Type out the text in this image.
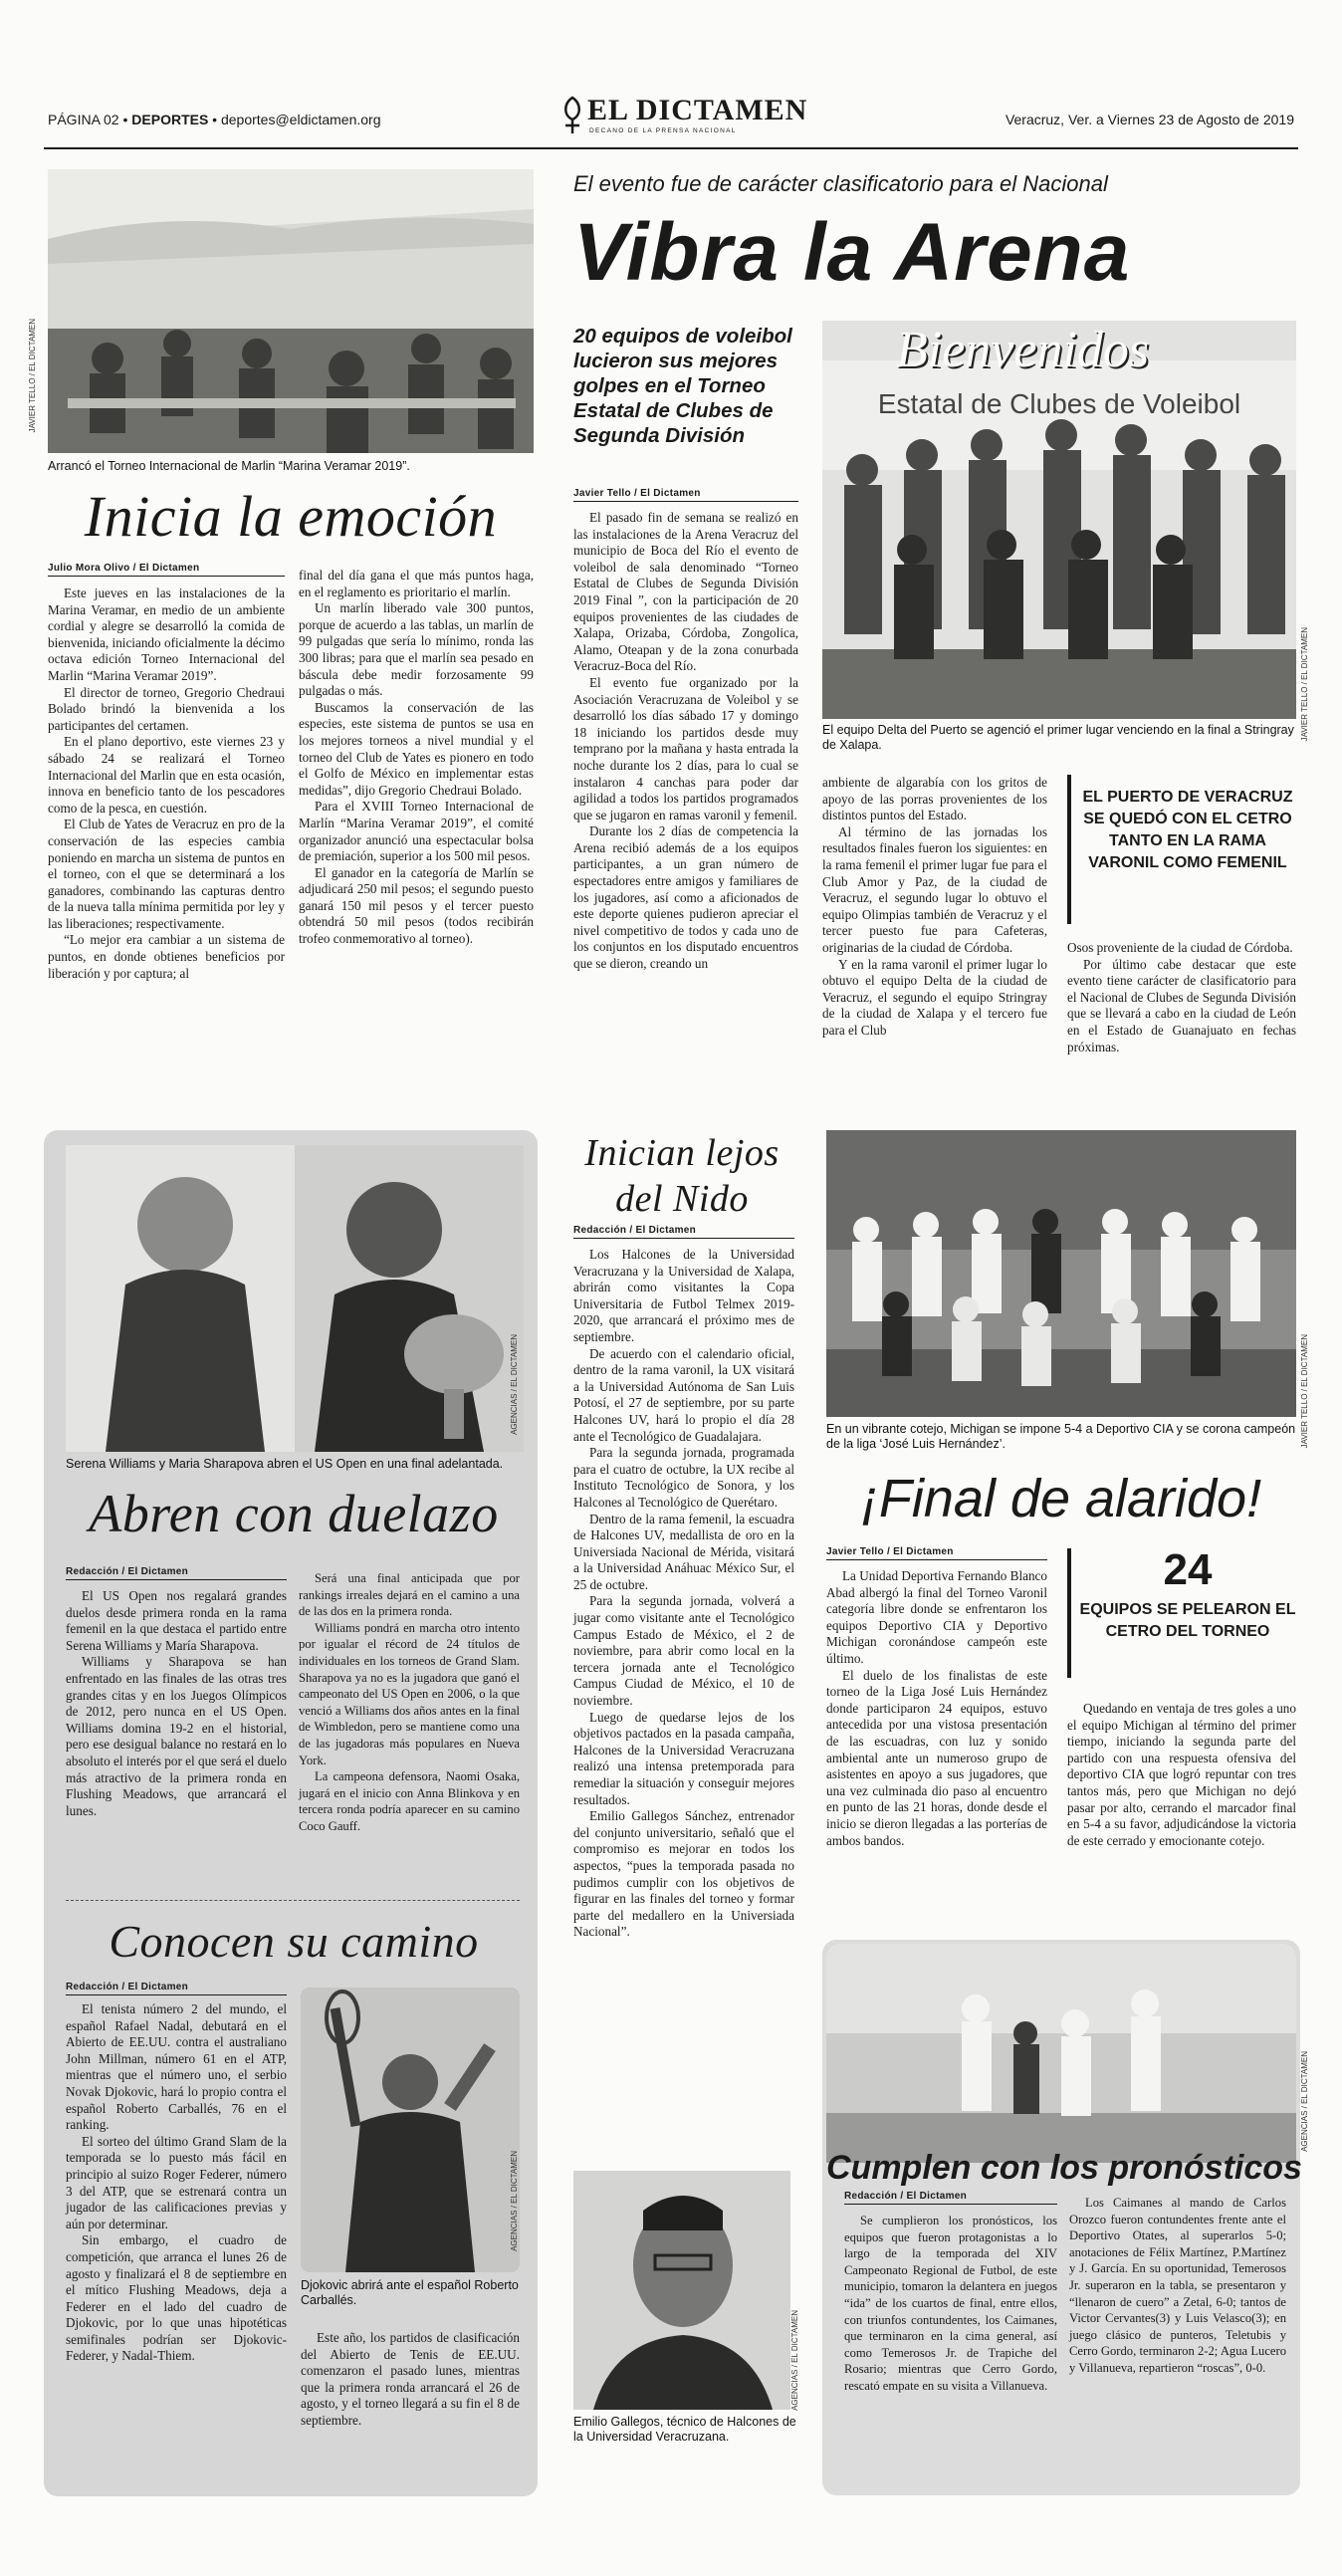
PÁGINA 02 • DEPORTES • deportes@eldictamen.org	EL DICTAMEN
DECANO DE LA PRENSA NACIONAL
Veracruz, Ver. a Viernes 23 de Agosto de 2019
JAVIER TELLO / EL DICTAMEN
Arrancó el Torneo Internacional de Marlin “Marina Veramar 2019”.
Inicia la emoción
Julio Mora Olivo / El Dictamen

Este jueves en las instalaciones de la Marina Veramar, en medio de un ambiente cordial y alegre se desarrolló la comida de bienvenida, iniciando oficialmente la décimo octava edición Torneo Internacional del Marlin “Marina Veramar 2019”.

El director de torneo, Gregorio Chedraui Bolado brindó la bienvenida a los participantes del certamen.

En el plano deportivo, este viernes 23 y sábado 24 se realizará el Torneo Internacional del Marlin que en esta ocasión, innova en beneficio tanto de los pescadores como de la pesca, en cuestión.

El Club de Yates de Veracruz en pro de la conservación de las especies cambia poniendo en marcha un sistema de puntos en el torneo, con el que se determinará a los ganadores, combinando las capturas dentro de la nueva talla mínima permitida por ley y las liberaciones; respectivamente.

“Lo mejor era cambiar a un sistema de puntos, en donde obtienes beneficios por liberación y por captura; al

final del día gana el que más puntos haga, en el reglamento es prioritario el marlín.

Un marlín liberado vale 300 puntos, porque de acuerdo a las tablas, un marlín de 99 pulgadas que sería lo mínimo, ronda las 300 libras; para que el marlín sea pesado en báscula debe medir forzosamente 99 pulgadas o más.

Buscamos la conservación de las especies, este sistema de puntos se usa en los mejores torneos a nivel mundial y el torneo del Club de Yates es pionero en todo el Golfo de México en implementar estas medidas”, dijo Gregorio Chedraui Bolado.

Para el XVIII Torneo Internacional de Marlín “Marina Veramar 2019”, el comité organizador anunció una espectacular bolsa de premiación, superior a los 500 mil pesos.

El ganador en la categoría de Marlín se adjudicará 250 mil pesos; el segundo puesto ganará 150 mil pesos y el tercer puesto obtendrá 50 mil pesos (todos recibirán trofeo conmemorativo al torneo).

El evento fue de carácter clasificatorio para el Nacional
Vibra la Arena
20 equipos de voleibol lucieron sus mejores golpes en el Torneo Estatal de Clubes de Segunda División
Javier Tello / El Dictamen
Bienvenidos
Estatal de Clubes de Voleibol
JAVIER TELLO / EL DICTAMEN
El equipo Delta del Puerto se agenció el primer lugar venciendo en la final a Stringray de Xalapa.

El pasado fin de semana se realizó en las instalaciones de la Arena Veracruz del municipio de Boca del Río el evento de voleibol de sala denominado “Torneo Estatal de Clubes de Segunda División 2019 Final ”, con la participación de 20 equipos provenientes de las ciudades de Xalapa, Orizaba, Córdoba, Zongolica, Alamo, Oteapan y de la zona conurbada Veracruz-Boca del Río.

El evento fue organizado por la Asociación Veracruzana de Voleibol y se desarrolló los días sábado 17 y domingo 18 iniciando los partidos desde muy temprano por la mañana y hasta entrada la noche durante los 2 días, para lo cual se instalaron 4 canchas para poder dar agilidad a todos los partidos programados que se jugaron en ramas varonil y femenil.

Durante los 2 días de competencia la Arena recibió además de a los equipos participantes, a un gran número de espectadores entre amigos y familiares de los jugadores, así como a aficionados de este deporte quienes pudieron apreciar el nivel competitivo de todos y cada uno de los conjuntos en los disputado encuentros que se dieron, creando un

ambiente de algarabía con los gritos de apoyo de las porras provenientes de los distintos puntos del Estado.

Al término de las jornadas los resultados finales fueron los siguientes: en la rama femenil el primer lugar fue para el Club Amor y Paz, de la ciudad de Veracruz, el segundo lugar lo obtuvo el equipo Olimpias también de Veracruz y el tercer puesto fue para Cafeteras, originarias de la ciudad de Córdoba.

Y en la rama varonil el primer lugar lo obtuvo el equipo Delta de la ciudad de Veracruz, el segundo el equipo Stringray de la ciudad de Xalapa y el tercero fue para el Club

EL PUERTO DE VERACRUZ SE QUEDÓ CON EL CETRO TANTO EN LA RAMA VARONIL COMO FEMENIL

Osos proveniente de la ciudad de Córdoba.

Por último cabe destacar que este evento tiene carácter de clasificatorio para el Nacional de Clubes de Segunda División que se llevará a cabo en la ciudad de León en el Estado de Guanajuato en fechas próximas.

AGENCIAS / EL DICTAMEN
Serena Williams y Maria Sharapova abren el US Open en una final adelantada.
Abren con duelazo
Redacción / El Dictamen

El US Open nos regalará grandes duelos desde primera ronda en la rama femenil en la que destaca el partido entre Serena Williams y María Sharapova.

Williams y Sharapova se han enfrentado en las finales de las otras tres grandes citas y en los Juegos Olímpicos de 2012, pero nunca en el US Open. Williams domina 19-2 en el historial, pero ese desigual balance no restará en lo absoluto el interés por el que será el duelo más atractivo de la primera ronda en Flushing Meadows, que arrancará el lunes.

Será una final anticipada que por rankings irreales dejará en el camino a una de las dos en la primera ronda.

Williams pondrá en marcha otro intento por igualar el récord de 24 títulos de individuales en los torneos de Grand Slam. Sharapova ya no es la jugadora que ganó el campeonato del US Open en 2006, o la que venció a Williams dos años antes en la final de Wimbledon, pero se mantiene como una de las jugadoras más populares en Nueva York.

La campeona defensora, Naomi Osaka, jugará en el inicio con Anna Blinkova y en tercera ronda podría aparecer en su camino Coco Gauff.

Conocen su camino
Redacción / El Dictamen

El tenista número 2 del mundo, el español Rafael Nadal, debutará en el Abierto de EE.UU. contra el australiano John Millman, número 61 en el ATP, mientras que el número uno, el serbio Novak Djokovic, hará lo propio contra el español Roberto Carballés, 76 en el ranking.

El sorteo del último Grand Slam de la temporada se lo puesto más fácil en principio al suizo Roger Federer, número 3 del ATP, que se estrenará contra un jugador de las calificaciones previas y aún por determinar.

Sin embargo, el cuadro de competición, que arranca el lunes 26 de agosto y finalizará el 8 de septiembre en el mítico Flushing Meadows, deja a Federer en el lado del cuadro de Djokovic, por lo que unas hipotéticas semifinales podrían ser Djokovic-Federer, y Nadal-Thiem.

AGENCIAS / EL DICTAMEN
Djokovic abrirá ante el español Roberto Carballés.

Este año, los partidos de clasificación del Abierto de Tenis de EE.UU. comenzaron el pasado lunes, mientras que la primera ronda arrancará el 26 de agosto, y el torneo llegará a su fin el 8 de septiembre.

Inician lejos
del Nido
Redacción / El Dictamen

Los Halcones de la Universidad Veracruzana y la Universidad de Xalapa, abrirán como visitantes la Copa Universitaria de Futbol Telmex 2019-2020, que arrancará el próximo mes de septiembre.

De acuerdo con el calendario oficial, dentro de la rama varonil, la UX visitará a la Universidad Autónoma de San Luis Potosí, el 27 de septiembre, por su parte Halcones UV, hará lo propio el día 28 ante el Tecnológico de Guadalajara.

Para la segunda jornada, programada para el cuatro de octubre, la UX recibe al Instituto Tecnológico de Sonora, y los Halcones al Tecnológico de Querétaro.

Dentro de la rama femenil, la escuadra de Halcones UV, medallista de oro en la Universiada Nacional de Mérida, visitará a la Universidad Anáhuac México Sur, el 25 de octubre.

Para la segunda jornada, volverá a jugar como visitante ante el Tecnológico Campus Estado de México, el 2 de noviembre, para abrir como local en la tercera jornada ante el Tecnológico Campus Ciudad de México, el 10 de noviembre.

Luego de quedarse lejos de los objetivos pactados en la pasada campaña, Halcones de la Universidad Veracruzana realizó una intensa pretemporada para remediar la situación y conseguir mejores resultados.

Emilio Gallegos Sánchez, entrenador del conjunto universitario, señaló que el compromiso es mejorar en todos los aspectos, “pues la temporada pasada no pudimos cumplir con los objetivos de figurar en las finales del torneo y formar parte del medallero en la Universiada Nacional”.

AGENCIAS / EL DICTAMEN
Emilio Gallegos, técnico de Halcones de la Universidad Veracruzana.
JAVIER TELLO / EL DICTAMEN
En un vibrante cotejo, Michigan se impone 5-4 a Deportivo CIA y se corona campeón de la liga ‘José Luis Hernández’.
¡Final de alarido!
Javier Tello / El Dictamen

La Unidad Deportiva Fernando Blanco Abad albergó la final del Torneo Varonil categoría libre donde se enfrentaron los equipos Deportivo CIA y Deportivo Michigan coronándose campeón este último.

El duelo de los finalistas de este torneo de la Liga José Luis Hernández donde participaron 24 equipos, estuvo antecedida por una vistosa presentación de las escuadras, con luz y sonido ambiental ante un numeroso grupo de asistentes en apoyo a sus jugadores, que una vez culminada dio paso al encuentro en punto de las 21 horas, donde desde el inicio se dieron llegadas a las porterías de ambos bandos.

24
EQUIPOS SE PELEARON EL CETRO DEL TORNEO

Quedando en ventaja de tres goles a uno el equipo Michigan al término del primer tiempo, iniciando la segunda parte del partido con una respuesta ofensiva del deportivo CIA que logró repuntar con tres tantos más, pero que Michigan no dejó pasar por alto, cerrando el marcador final en 5-4 a su favor, adjudicándose la victoria de este cerrado y emocionante cotejo.

AGENCIAS / EL DICTAMEN
Cumplen con los pronósticos
Redacción / El Dictamen

Se cumplieron los pronósticos, los equipos que fueron protagonistas a lo largo de la temporada del XIV Campeonato Regional de Futbol, de este municipio, tomaron la delantera en juegos “ida” de los cuartos de final, entre ellos, con triunfos contundentes, los Caimanes, que terminaron en la cima general, así como Temerosos Jr. de Trapiche del Rosario; mientras que Cerro Gordo, rescató empate en su visita a Villanueva.

Los Caimanes al mando de Carlos Orozco fueron contundentes frente ante el Deportivo Otates, al superarlos 5-0; anotaciones de Félix Martínez, P.Martínez y J. García. En su oportunidad, Temerosos Jr. superaron en la tabla, se presentaron y “llenaron de cuero” a Zetal, 6-0; tantos de Victor Cervantes(3) y Luis Velasco(3); en juego clásico de punteros, Teletubis y Cerro Gordo, terminaron 2-2; Agua Lucero y Villanueva, repartieron “roscas”, 0-0.
